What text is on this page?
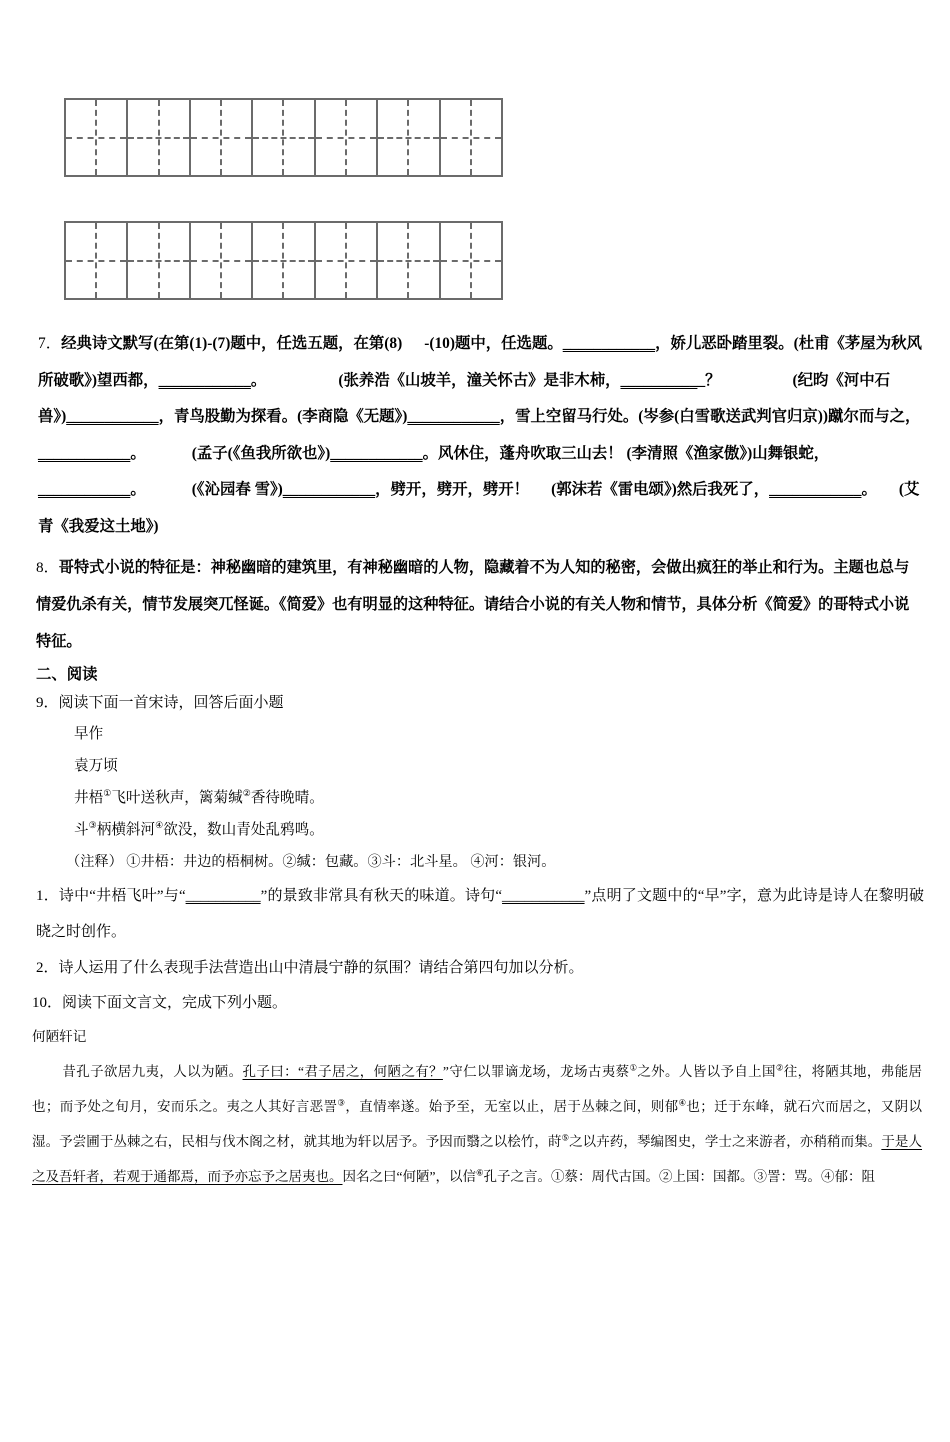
7．经典诗文默写(在第(1)-(7)题中，任选五题，在第(8) -(10)题中，任选题。____________，娇儿恶卧踏里裂。(杜甫《茅屋为秋风所破歌》)望西都，____________。	(张养浩《山坡羊，潼关怀古》是非木柿，___________？	(纪昀《河中石兽》)____________，青鸟股勤为探看。(李商隐《无题》)____________，雪上空留马行处。(岑参(白雪歌送武判官归京))蹴尔而与之，____________。	(孟子(《鱼我所欲也》)____________。风休住，蓬舟吹取三山去！ (李清照《渔家傲》)山舞银蛇，____________。	(《沁园春 雪》)____________，劈开，劈开，劈开！ (郭沫若《雷电颂》)然后我死了，____________。 (艾青《我爱这土地》)
8．哥特式小说的特征是：神秘幽暗的建筑里，有神秘幽暗的人物，隐藏着不为人知的秘密，会做出疯狂的举止和行为。主题也总与情爱仇杀有关，情节发展突兀怪诞。《简爱》也有明显的这种特征。请结合小说的有关人物和情节，具体分析《简爱》的哥特式小说特征。
二、阅读
9．阅读下面一首宋诗，回答后面小题
早作
袁万顷
井梧①飞叶送秋声，篱菊缄②香待晚晴。
斗③柄横斜河④欲没，数山青处乱鸦鸣。
（注释） ①井梧：井边的梧桐树。②缄：包藏。③斗：北斗星。 ④河：银河。
1．诗中“井梧飞叶”与“__________”的景致非常具有秋天的味道。诗句“___________”点明了文题中的“早”字，意为此诗是诗人在黎明破晓之时创作。
2．诗人运用了什么表现手法营造出山中清晨宁静的氛围？请结合第四句加以分析。
10．阅读下面文言文，完成下列小题。
何陋轩记
昔孔子欲居九夷，人以为陋。孔子曰：“君子居之，何陋之有？”守仁以罪谪龙场，龙场古夷蔡①之外。人皆以予自上国②往，将陋其地，弗能居也；而予处之旬月，安而乐之。夷之人其好言恶詈③，直情率遂。始予至，无室以止，居于丛棘之间，则郁④也；迁于东峰，就石穴而居之，又阴以湿。予尝圃于丛棘之右，民相与伐木阁之材，就其地为轩以居予。予因而翳之以桧竹，莳⑤之以卉药，琴编图史，学士之来游者，亦稍稍而集。于是人之及吾轩者，若观于通都焉，而予亦忘予之居夷也。因名之曰“何陋”，以信⑥孔子之言。①蔡：周代古国。②上国：国都。③詈：骂。④郁：阻
